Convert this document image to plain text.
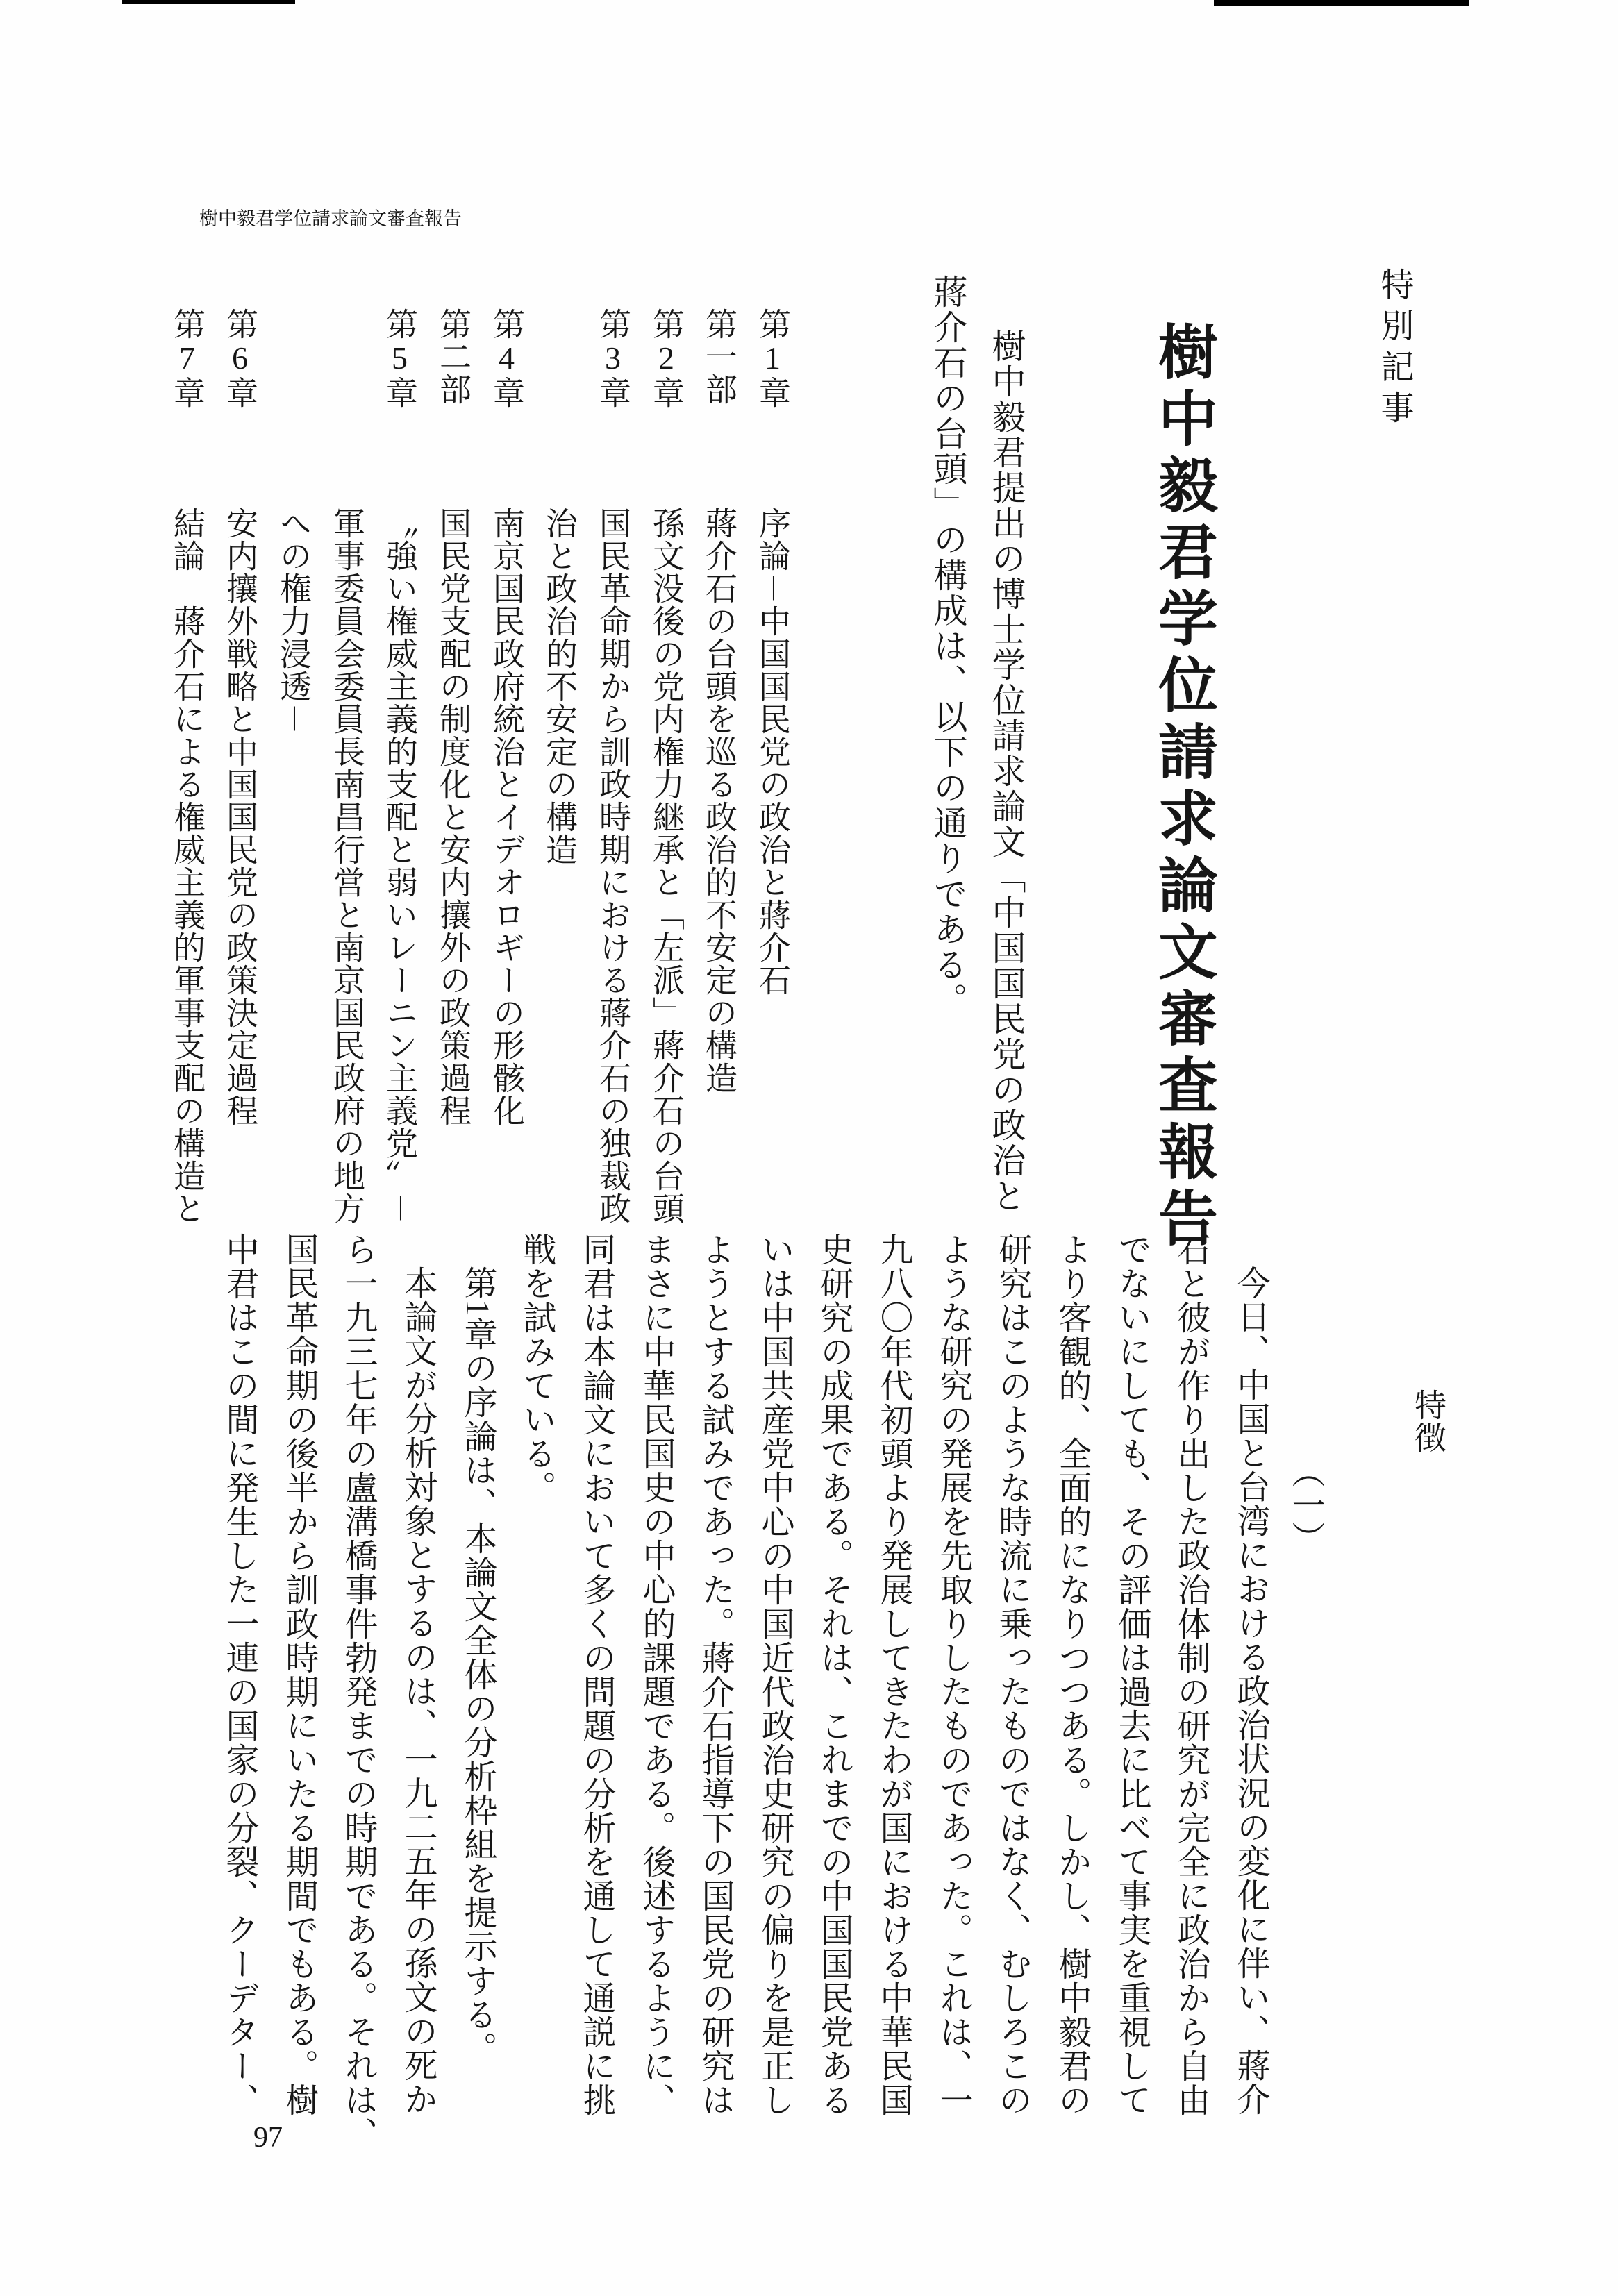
樹中毅君学位請求論文審査報告
特別記事
樹中毅君学位請求論文審査報告
樹中毅君提出の博士学位請求論文「中国国民党の政治と
蔣介石の台頭」の構成は、以下の通りである。
第1章
序論－中国国民党の政治と蔣介石
第一部
蔣介石の台頭を巡る政治的不安定の構造
第2章
孫文没後の党内権力継承と「左派」蔣介石の台頭
第3章
国民革命期から訓政時期における蔣介石の独裁政
治と政治的不安定の構造
第4章
南京国民政府統治とイデオロギーの形骸化
第二部
国民党支配の制度化と安内攘外の政策過程
第5章
〝強い権威主義的支配と弱いレーニン主義党〟－
軍事委員会委員長南昌行営と南京国民政府の地方
への権力浸透－
第6章
安内攘外戦略と中国国民党の政策決定過程
第7章
結論　蔣介石による権威主義的軍事支配の構造と
特徴
（一）
今日、中国と台湾における政治状況の変化に伴い、蔣介
石と彼が作り出した政治体制の研究が完全に政治から自由
でないにしても、その評価は過去に比べて事実を重視して
より客観的、全面的になりつつある。しかし、樹中毅君の
研究はこのような時流に乗ったものではなく、むしろこの
ような研究の発展を先取りしたものであった。これは、一
九八〇年代初頭より発展してきたわが国における中華民国
史研究の成果である。それは、これまでの中国国民党ある
いは中国共産党中心の中国近代政治史研究の偏りを是正し
ようとする試みであった。蔣介石指導下の国民党の研究は
まさに中華民国史の中心的課題である。後述するように、
同君は本論文において多くの問題の分析を通して通説に挑
戦を試みている。
第1章の序論は、本論文全体の分析枠組を提示する。
本論文が分析対象とするのは、一九二五年の孫文の死か
ら一九三七年の盧溝橋事件勃発までの時期である。それは、
国民革命期の後半から訓政時期にいたる期間でもある。樹
中君はこの間に発生した一連の国家の分裂、クーデター、
97
